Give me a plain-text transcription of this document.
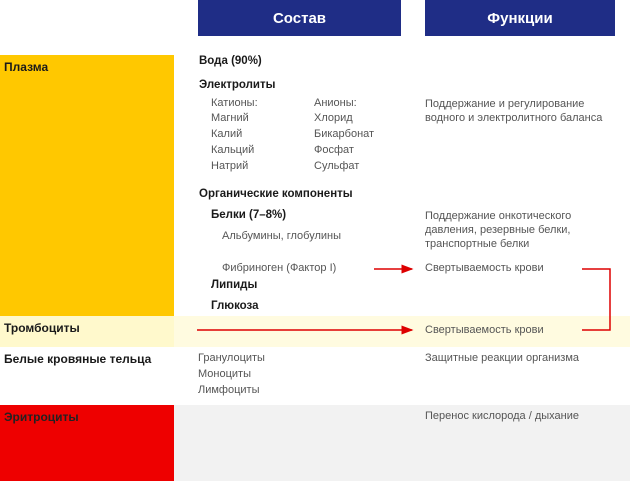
Состав	Функции
Плазма
Тромбоциты
Белые кровяные тельца
Эритроциты
Вода (90%)
Электролиты
Катионы:
Магний
Калий
Кальций
Натрий
Анионы:
Хлорид
Бикарбонат
Фосфат
Сульфат
Поддержание и регулирование водного и электролитного баланса
Органические компоненты
Белки (7–8%)
Альбумины, глобулины
Поддержание онкотического давления, резервные белки, транспортные белки
Фибриноген (Фактор I)	Свертываемость крови
Липиды
Глюкоза
Свертываемость крови
Гранулоциты
Моноциты
Лимфоциты
Защитные реакции организма
Перенос кислорода / дыхание
